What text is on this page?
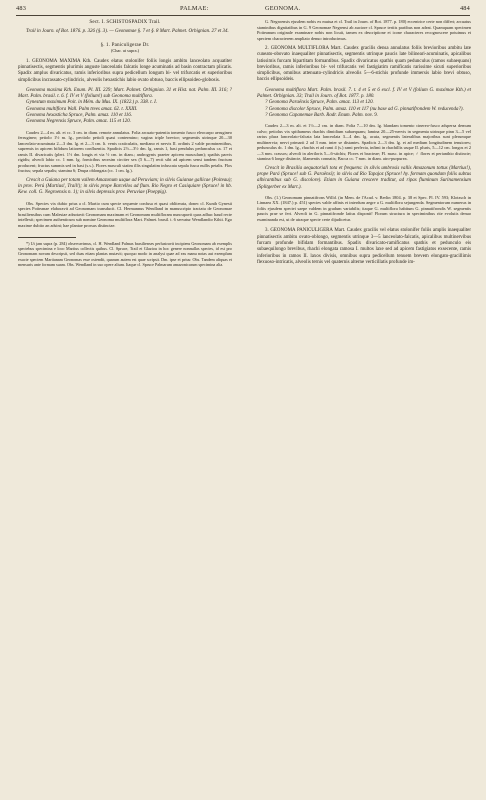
483	PALMAE:	GEONOMA.	484

Sect. I. SCHISTOSPADIX Trail.

Trail in Journ. of Bot. 1876. p. 326 (§. 3). — Geonomae §. 7 et §. 8 Mart. Palmet. Orbignian. 27 et 34.

§. 1. Paniculigerae Dr.

(Char. ut supra.)

1. GEONOMA MAXIMA Kth. Caudex elatus stolonifer foliis longis ambitu lanceolato acquatiter pinnatisectis, segmentis plurimis anguste lanceolatis falcatis longe acuminatis ad basin contractam plicatis. Spadix amplus divaricatus, ramis inferioribus supra pedicellum longum bi- vel trifurcatis et superioribus simplicibus incrassato-cylindricis, alveolis hexastichis labio ovato obtuso, baccis ellipsoideo-globosis.

Geonoma maxima Kth. Enum. Pl. III. 229; Mart. Palmet. Orbignian. 31 et Hist. nat. Palm. III. 316; ? Mart. Palm. brasil. t. 6. f. IV et V (folium!) sub Geonoma multiflora.

Gynestum maximum Poit. in Mém. du Mus. IX. (1822.) p. 338. t. I.

Geonoma multiflora Wall. Palm trees amaz. 62. t. XXIII.

Geonoma hexasticha Spruce, Palm. amaz. 110 et 116.

Geonoma Negrensis Spruce, Palm. amaz. 115 et 120.

Caudex 2—4 m. alt. et cc. 3 cm. in diam. remote annulatus. Folia arcuato-patentia tomento fusco eleocarpo aerugineo ferrugineo; petiolo 1½ m. lg., pectiolo petioli quasi contermino; vagina triple brevior; segmentis utrinque 20—30 lanceolato-acuminata 2—3 dm. lg. et 2—3 cm. lt. venis craticulatis, mediano et nervis II. ordinis 2 valde prominentibus, supremis in apicem bifidum latiorem confluentia. Spadicis 2½—3½ dm. lg. ramis 1, basi pendulus pedunculus ca. 17 et ramis II. divaricatis (pleri. 1½ dm. longis et via ½ cm. in diam.; androgynis praeter apicem masculum); spathis parvis rigidis; alveoli labio cc. 1 mm. lg. fornicibus seorsim circiter sex (5 6—7) recti sibi ad apicem sensi tandem fructum producent; fructus summis sed in basi (s.s.). Flores masculi statim illis singulatim infuscata sepala fusca nullis petalis. Flos fructus; sepala sepalis; stamina 6; Drupa oblongata (cc. 1 cm. lg.).

Crescit a Guiana per totam vallem Amazonum usque ad Peruviam; in silvis Guianae gallicae (Poiteau); in prov. Perú (Martius!, Trail!); in silvis prope Barcellos ad flum. Rio Negro et Casiquiare (Spruce! in hb. Kew. coll. G. Negroensis n. 1); in silvis depressis prov. Peruviae (Poeppig).

Obs. Species vix dubio prius a cl. Martio cum specie sequente confusa et quasi obliterata, donec cl. Kunth Gynesti species Poiteanae elaboravit ad Geonomam transducit. Cl. Hermannus Wendland in manuscripto tractatu de Geonomae brasiliensibus cum Malesiae adnotavit Geonomam maximam et Geonomam multifloram nuncupavit quas adhuc haud recte intellexit; specimen authenticum sub nomine Geonoma multiflora Mart. Palmet. brasil. t. 6 servatur Wendlandio Kthii. Ego maxime dubito an adsint; hae plantae prorsus distinctae.

*) Ut jam supra (p. 284) observavimus, cl. H. Wendland Palmas brasilienses perlustravit incipiens Geonomam ab exemplis speciebus specimina e loco Martius collectis quibus. Cl. Spruce, Trail et Glaziou in hoc genere nonnullas species, id est pro Geonomam novam descripsit, sed duas etiam plantas mutavit; quoquo modo in analysi quae ad eas manu notas aut exemplum exacte speciem Martianam Geonomas esse ostendit, quarum autem est quae scripsit. Dm. ipse et prius: Obs. Tandem aliquas et mensuris ante formam suam. Obs. Wendland in suo opere alium. Itaque cl. Spruce Palmarum amazonicarum specimina alia.

G. Negroensis ejusdem nobis ex mutua et cl. Trail in Journ. of Bot. 1877. p. 180) eccentrice certe non differt; arcuatus staminibus dignitatibus in G. 9 Geonomae Negrensi ab auctore cl. Spruce tertiis partibus non adeat. Quamquam specimen Poiteanum originale examinare nobis non licuit, tamen ex descriptione et icone characteres recognoscere potuimus et speciem characterem ampliato denuo introducimus.

2. GEONOMA MULTIFLORA Mart. Caudex gracilis densa annulatus foliis brevioribus ambitu late cuneato-obovato inaequaliter pinnatisectis, segmentis utrinque paucis late bilineari-acuminatis, apicalibus latissimis furcam bipartitam formantibus. Spadix divaricatus spathis quam pedunculus (ramos subaequans) brevioribus, ramis inferioribus bi- vel trifurcatis vel fastigiatim ramificatis rarissime sicuti superioribus simplicibus, omnibus attenuato-cylindricis alveolis 5—6-stichis profunde immersis labio brevi obtuso, baccis ellipsoideis.

Geonoma multiflora Mart. Palm. brasil. 7. t. 4 et 5 et 6 excl. f. IV et V (folium G. maximae Kth.) et Palmet. Orbignian. 33; Trail in Journ. of Bot. 1877. p. 180.

? Geonoma Paraënsis Spruce, Palm. amaz. 113 et 120.

? Geonoma discolor Spruce, Palm. amaz. 110 et 117 (nu base ad G. pinnatifrondem W. reducenda?).

? Geonoma Capanemae Barb. Rodr. Enum. Palm. nov. 9.

Caudex 2—3 m. alt. et 1½—2 cm. in diam. Folia 7—10 dm. lg. blandam tomento cinereo-fusco adspersa demum calvo; petiolus vix spithameus rhachis dimidium subaequans; lamina 20—25-nervis in segmenta utrinque pinn 3—5 vel rarius plura lanceolato-falcata lata lanceolata 3—4 dm. lg. acuta, segmentis lateralibus majoribus sunt plerumque multinervia; nervi primarii 2 ad 3 mm. inter se distantes. Spadicis 2—3 dm. lg. et ad medium longitudinem tenuiores; pedunculus dc. 1 dm. lg., rhachis ei ad rami 4 (s.) rami perfecta, infimi in rhachillis usque II. pluris, 5—12 cm. longos et 2—3 mm. crassos; alveoli in aleriloris 5—6-stichis; Flores et bracteae; Fl. masc. in apice; ♂ flores et perianthio distincte; stamina 6 longe distincte, filamentis connatis; Bacca cc. 7 mm. in diam. atro-purpurea.

Crescit in Brasilia aequatoriali tota et frequens: in silvis umbrosis vallis Amazonum tottus (Martius!), prope Pará (Spruce! sub G. Paraënsi); in silvis ad Rio Tapajoz (Spruce! hy. formam quondam foliis subtus albicantibus sub G. discolore). Etiam in Guiana crescere traditur, ad ripas fluminum Surinamensium (Splitgerber ex Mart.).

Obs. (1.) Geonomam pinnatifrons Willd. (in Mem. de l'Acad. v. Berlin 1804. p. 38 et Spec. Pl. IV. 593; Klotzsch in Linnaea XX. (1847.) p. 451) species valde affinis et interdum aegre a G. multiflora sejungenda. Segmentorum numerus in foliis ejusdem speciei saepe valdem in gradum variabilis; itaque G. multiflora habitum G. pinnatifrondis W. segmentis paucis prae se fert. Alveoli in G. pinnatifronde latius disponit! Florum structura in speciminibus rite evolutis denuo examinanda est, ut de utraque specie certe dijudicetur.

3. GEONOMA PANICULIGERA Mart. Caudex gracilis vel elatus stolonifer foliis amplis inaequaliter pinnatisectis ambitu ovato-oblongo, segmentis utrinque 3—5 lanceolato-falcatis, apicalibus multinervibus furcam profunde bifidam formantibus. Spadix divaricato-ramificatus spathis et pedunculo eis subaequilongo brevibus, rhachi elongata ramosa I. multos laxe sed ad apicem fastigiatos exsecente, ramis inferioribus in ramos II. laxos divisis, omnibus supra pedicellum tenuem brevem elongato-gracillimis flexuoso-intricatis, alveolis ternis vel quaternis alterne verticillatis profunde im-
